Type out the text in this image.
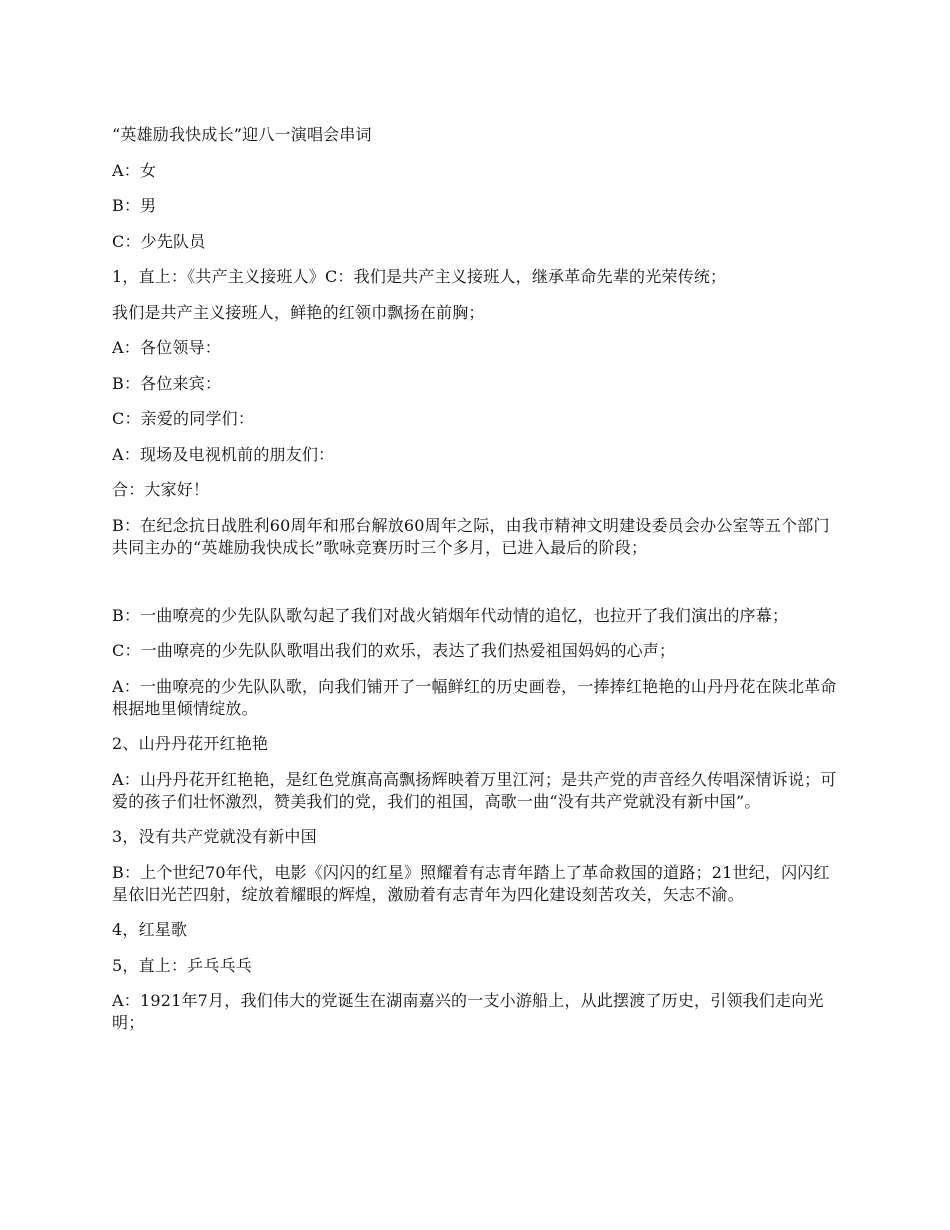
“英雄励我快成长”迎八一演唱会串词

A：女

B：男

C：少先队员

1，直上：《共产主义接班人》C：我们是共产主义接班人，继承革命先辈的光荣传统；

我们是共产主义接班人，鲜艳的红领巾飘扬在前胸；

A：各位领导：

B：各位来宾：

C：亲爱的同学们：

A：现场及电视机前的朋友们：

合：大家好！

B：在纪念抗日战胜利60周年和邢台解放60周年之际，由我市精神文明建设委员会办公室等五个部门共同主办的“英雄励我快成长”歌咏竞赛历时三个多月，已进入最后的阶段；

B：一曲嘹亮的少先队队歌勾起了我们对战火销烟年代动情的追忆，也拉开了我们演出的序幕；

C：一曲嘹亮的少先队队歌唱出我们的欢乐，表达了我们热爱祖国妈妈的心声；

A：一曲嘹亮的少先队队歌，向我们铺开了一幅鲜红的历史画卷，一捧捧红艳艳的山丹丹花在陕北革命根据地里倾情绽放。

2、山丹丹花开红艳艳

A：山丹丹花开红艳艳，是红色党旗高高飘扬辉映着万里江河；是共产党的声音经久传唱深情诉说；可爱的孩子们壮怀激烈，赞美我们的党，我们的祖国，高歌一曲“没有共产党就没有新中国”。

3，没有共产党就没有新中国

B：上个世纪70年代，电影《闪闪的红星》照耀着有志青年踏上了革命救国的道路；21世纪，闪闪红星依旧光芒四射，绽放着耀眼的辉煌，激励着有志青年为四化建设刻苦攻关，矢志不渝。

4，红星歌

5，直上：乒乓乓乓

A：1921年7月，我们伟大的党诞生在湖南嘉兴的一支小游船上，从此摆渡了历史，引领我们走向光明；
